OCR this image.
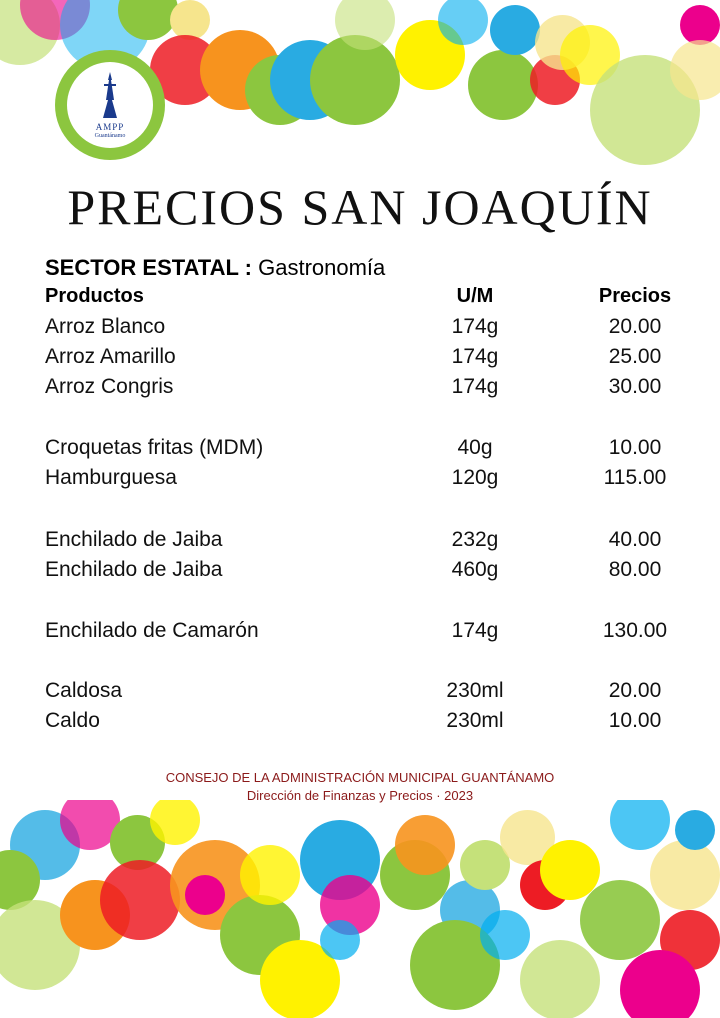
AMPP
Guantánamo
PRECIOS SAN JOAQUÍN
SECTOR ESTATAL : Gastronomía
Productos	U/M	Precios
Arroz Blanco	174g	20.00
Arroz Amarillo	174g	25.00
Arroz Congris	174g	30.00
Croquetas fritas (MDM)	40g	10.00
Hamburguesa	120g	115.00
Enchilado de Jaiba	232g	40.00
Enchilado de Jaiba	460g	80.00
Enchilado de Camarón	174g	130.00
Caldosa	230ml	20.00
Caldo	230ml	10.00
CONSEJO DE LA ADMINISTRACIÓN MUNICIPAL GUANTÁNAMO
Dirección de Finanzas y Precios · 2023
